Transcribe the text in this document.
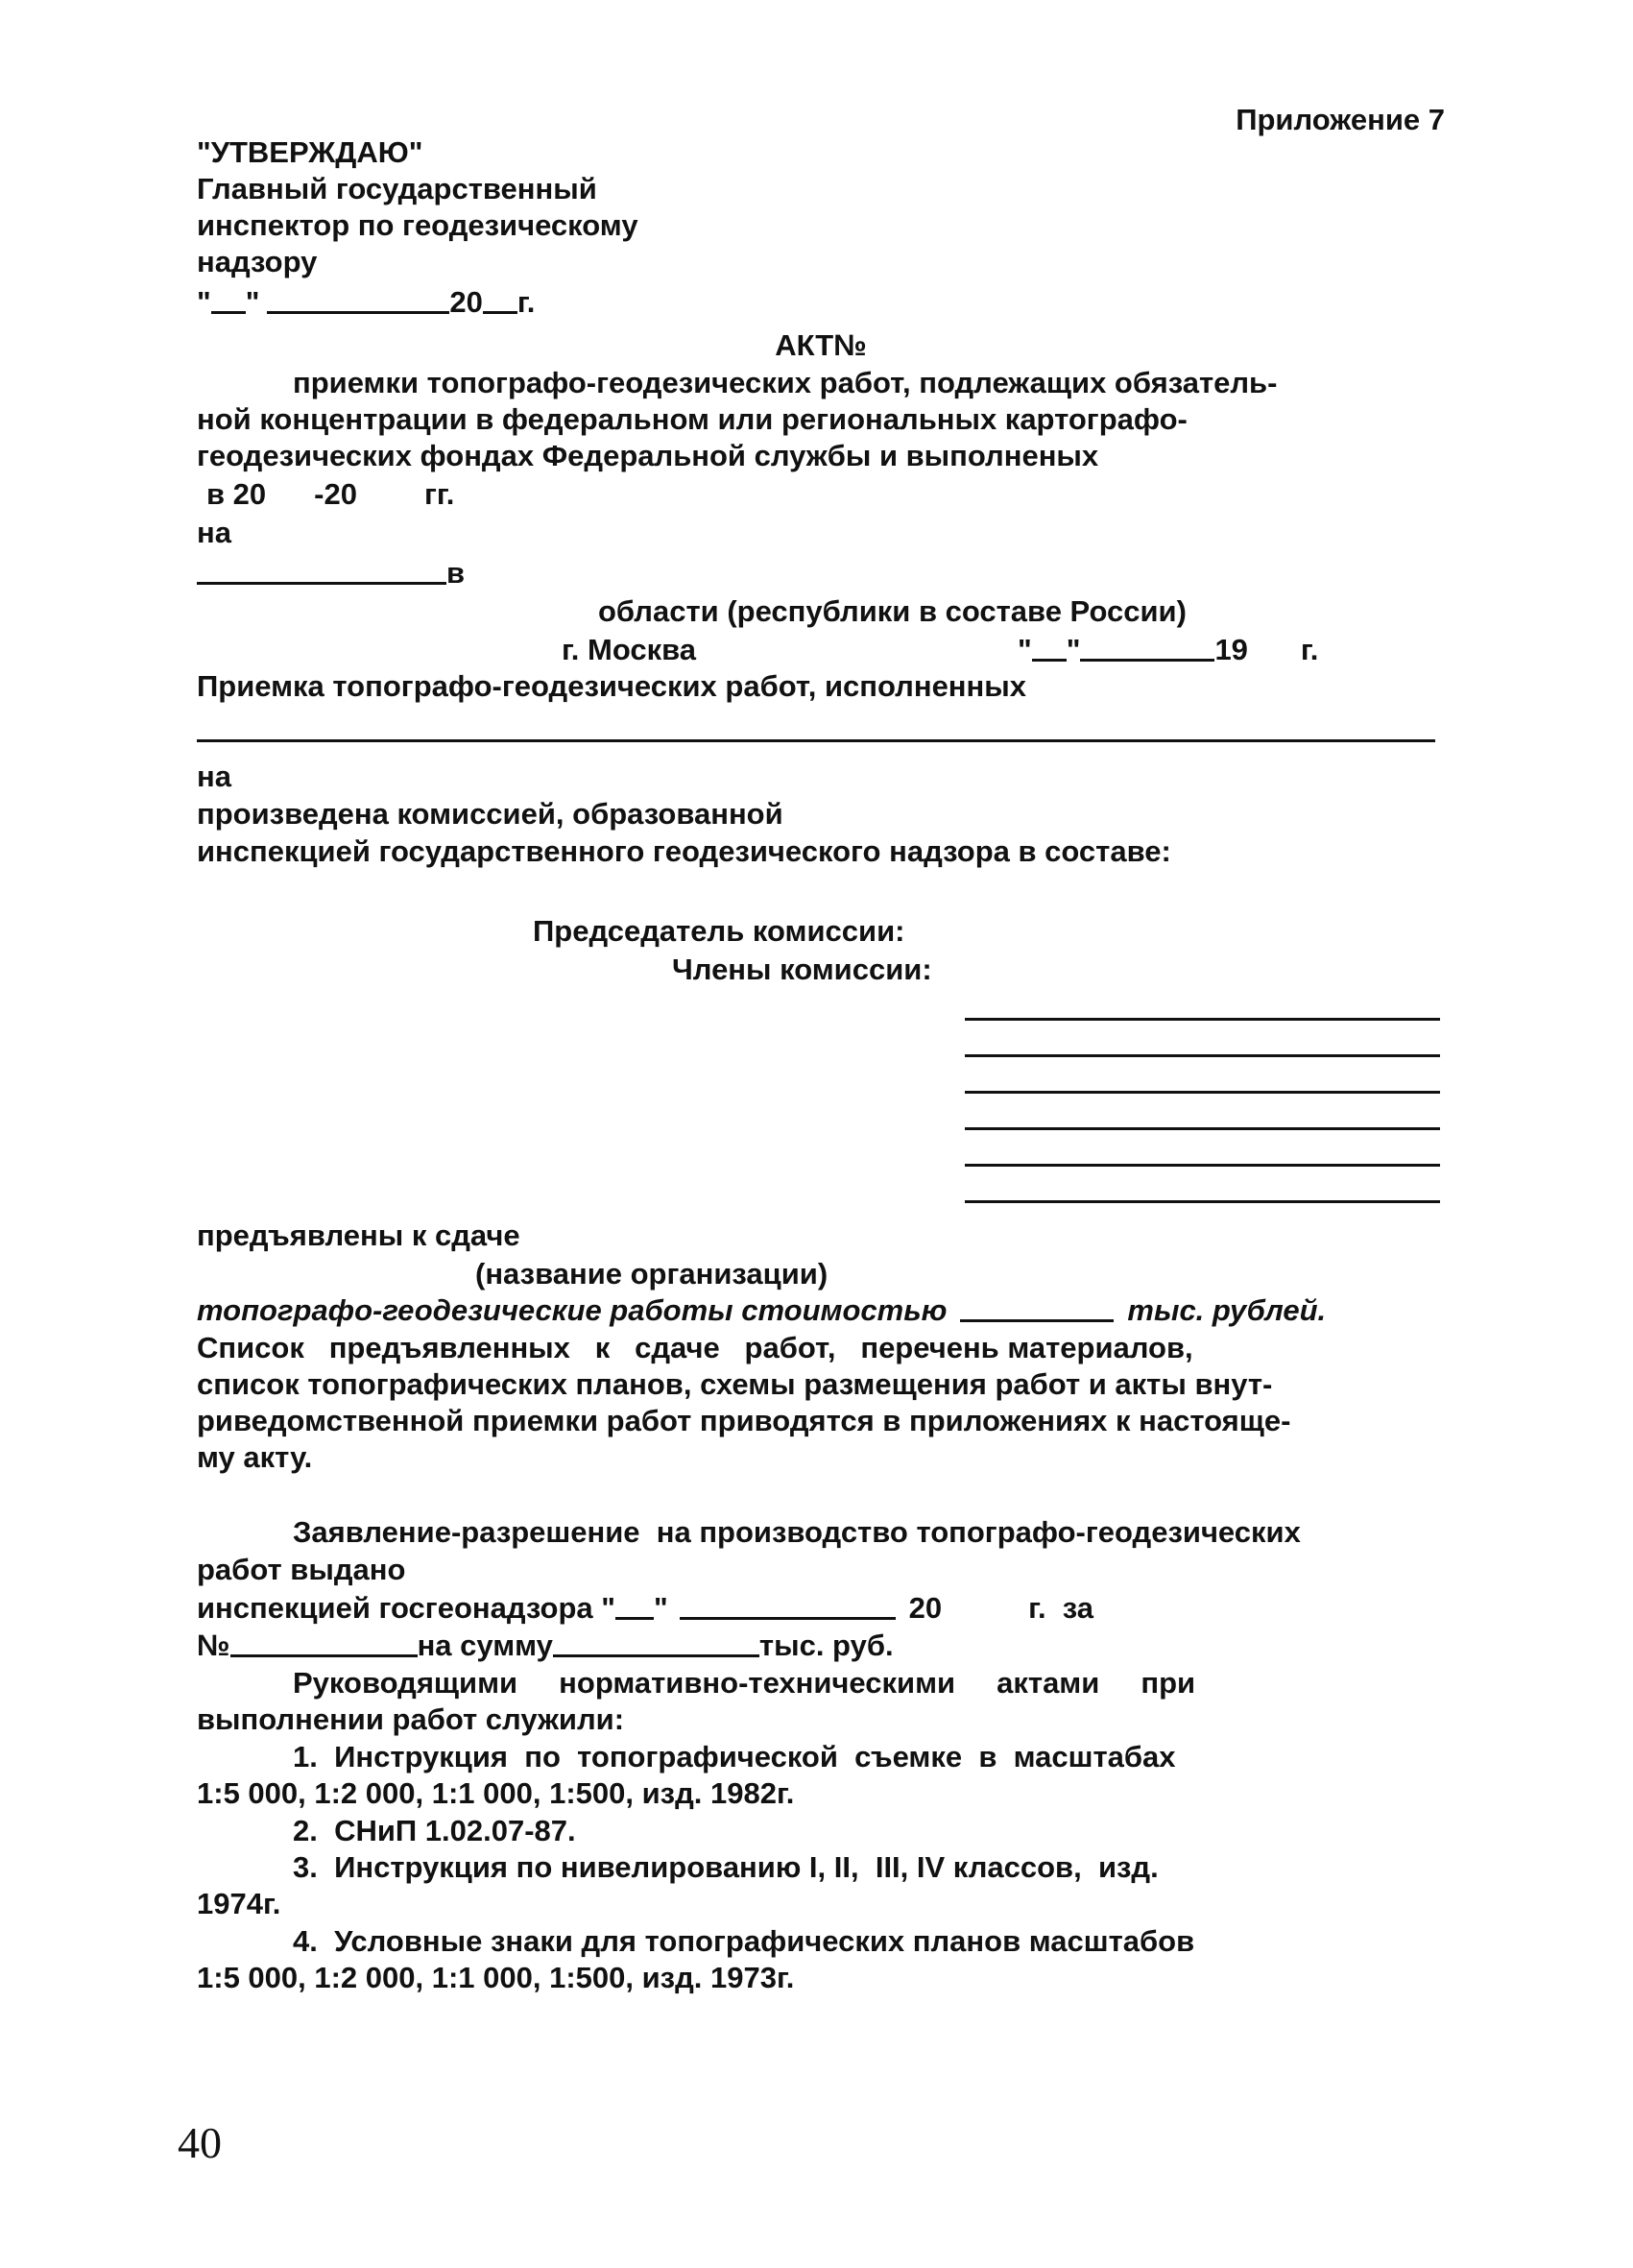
Приложение 7
"УТВЕРЖДАЮ"
Главный государственный
инспектор по геодезическому
надзору
" "	20 г.
АКТ№
приемки топографо-геодезических работ, подлежащих обязатель-
ной концентрации в федеральном или региональных картографо-
геодезических фондах Федеральной службы и выполненых
в 20 -20 гг.
на
в
области (республики в составе России)
г. Москва	" "	19 г.
Приемка топографо-геодезических работ, исполненных
на
произведена комиссией, образованной
инспекцией государственного геодезического надзора в составе:
Председатель комиссии:
Члены комиссии:
предъявлены к сдаче
(название организации)
топографо-геодезические работы стоимостью	тыс. рублей.
Список   предъявленных   к   сдаче   работ,   перечень материалов,
список топографических планов, схемы размещения работ и акты внут-
риведомственной приемки работ приводятся в приложениях к настояще-
му акту.
Заявление-разрешение  на производство топографо-геодезических
работ выдано
инспекцией госгеонадзора " "	20	г.  за
№	на сумму	тыс. руб.
Руководящими     нормативно-техническими     актами     при
выполнении работ служили:
1.  Инструкция  по  топографической  съемке  в  масштабах
1:5 000, 1:2 000, 1:1 000, 1:500, изд. 1982г.
2.  СНиП 1.02.07-87.
3.  Инструкция по нивелированию I, II,  III, IV классов,  изд.
1974г.
4.  Условные знаки для топографических планов масштабов
1:5 000, 1:2 000, 1:1 000, 1:500, изд. 1973г.
40
